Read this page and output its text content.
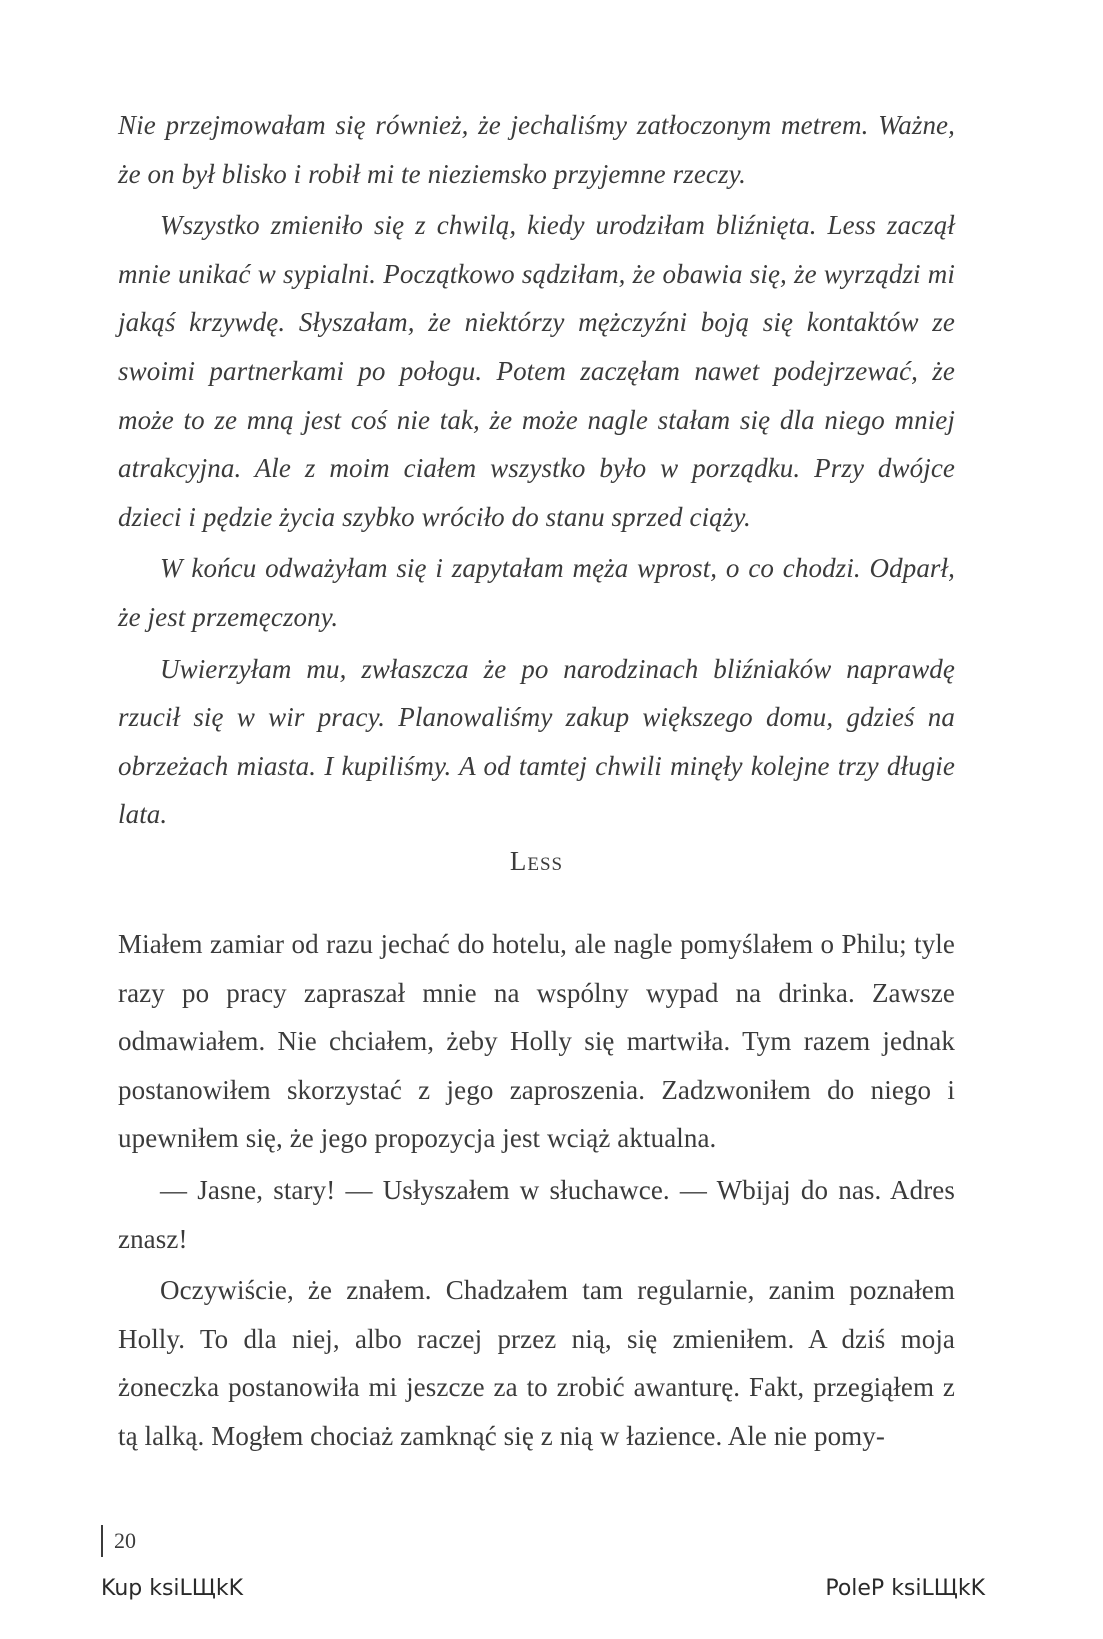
Nie przejmowałam się również, że jechaliśmy zatłoczonym metrem. Ważne, że on był blisko i robił mi te nieziemsko przyjemne rzeczy.

Wszystko zmieniło się z chwilą, kiedy urodziłam bliźnięta. Less zaczął mnie unikać w sypialni. Początkowo sądziłam, że obawia się, że wyrządzi mi jakąś krzywdę. Słyszałam, że niektórzy mężczyźni boją się kontaktów ze swoimi partnerkami po połogu. Potem zaczęłam nawet podejrzewać, że może to ze mną jest coś nie tak, że może nagle stałam się dla niego mniej atrakcyjna. Ale z moim ciałem wszystko było w porządku. Przy dwójce dzieci i pędzie życia szybko wróciło do stanu sprzed ciąży.

W końcu odważyłam się i zapytałam męża wprost, o co chodzi. Odparł, że jest przemęczony.

Uwierzyłam mu, zwłaszcza że po narodzinach bliźniaków naprawdę rzucił się w wir pracy. Planowaliśmy zakup większego domu, gdzieś na obrzeżach miasta. I kupiliśmy. A od tamtej chwili minęły kolejne trzy długie lata.

Less

Miałem zamiar od razu jechać do hotelu, ale nagle pomyślałem o Philu; tyle razy po pracy zapraszał mnie na wspólny wypad na drinka. Zawsze odmawiałem. Nie chciałem, żeby Holly się martwiła. Tym razem jednak postanowiłem skorzystać z jego zaproszenia. Zadzwoniłem do niego i upewniłem się, że jego propozycja jest wciąż aktualna.

— Jasne, stary! — Usłyszałem w słuchawce. — Wbijaj do nas. Adres znasz!

Oczywiście, że znałem. Chadzałem tam regularnie, zanim poznałem Holly. To dla niej, albo raczej przez nią, się zmieniłem. A dziś moja żoneczka postanowiła mi jeszcze za to zrobić awanturę. Fakt, przegiąłem z tą lalką. Mogłem chociaż zamknąć się z nią w łazience. Ale nie pomy-

20
Kup ksiLЩkK	PoleP ksiLЩkK
